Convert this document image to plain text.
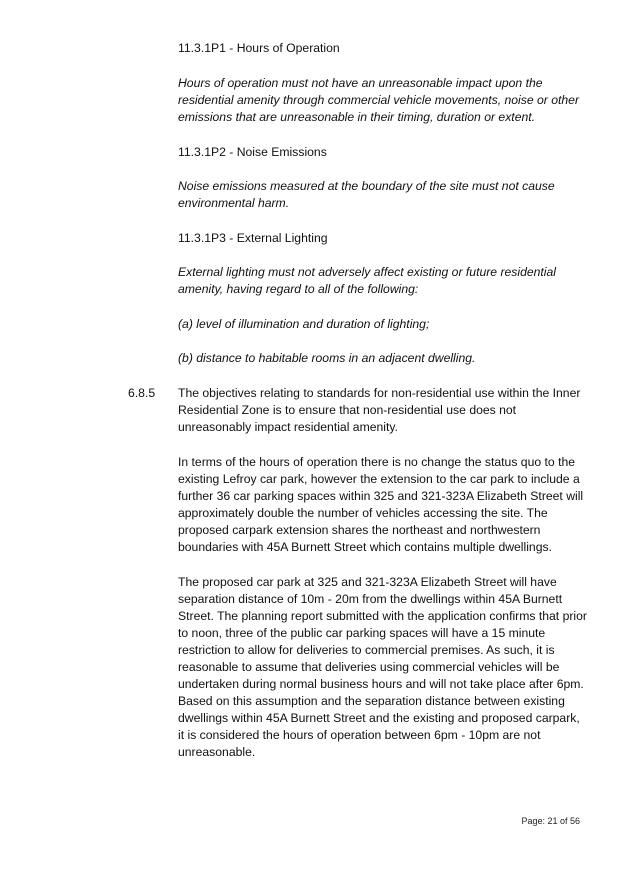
11.3.1P1 - Hours of Operation

Hours of operation must not have an unreasonable impact upon the residential amenity through commercial vehicle movements, noise or other emissions that are unreasonable in their timing, duration or extent.

11.3.1P2 - Noise Emissions

Noise emissions measured at the boundary of the site must not cause environmental harm.

11.3.1P3 - External Lighting

External lighting must not adversely affect existing or future residential amenity, having regard to all of the following:

(a) level of illumination and duration of lighting;

(b) distance to habitable rooms in an adjacent dwelling.

6.8.5 The objectives relating to standards for non-residential use within the Inner Residential Zone is to ensure that non-residential use does not unreasonably impact residential amenity.

In terms of the hours of operation there is no change the status quo to the existing Lefroy car park, however the extension to the car park to include a further 36 car parking spaces within 325 and 321-323A Elizabeth Street will approximately double the number of vehicles accessing the site. The proposed carpark extension shares the northeast and northwestern boundaries with 45A Burnett Street which contains multiple dwellings.

The proposed car park at 325 and 321-323A Elizabeth Street will have separation distance of 10m - 20m from the dwellings within 45A Burnett Street. The planning report submitted with the application confirms that prior to noon, three of the public car parking spaces will have a 15 minute restriction to allow for deliveries to commercial premises. As such, it is reasonable to assume that deliveries using commercial vehicles will be undertaken during normal business hours and will not take place after 6pm. Based on this assumption and the separation distance between existing dwellings within 45A Burnett Street and the existing and proposed carpark, it is considered the hours of operation between 6pm - 10pm are not unreasonable.

Page: 21 of 56
